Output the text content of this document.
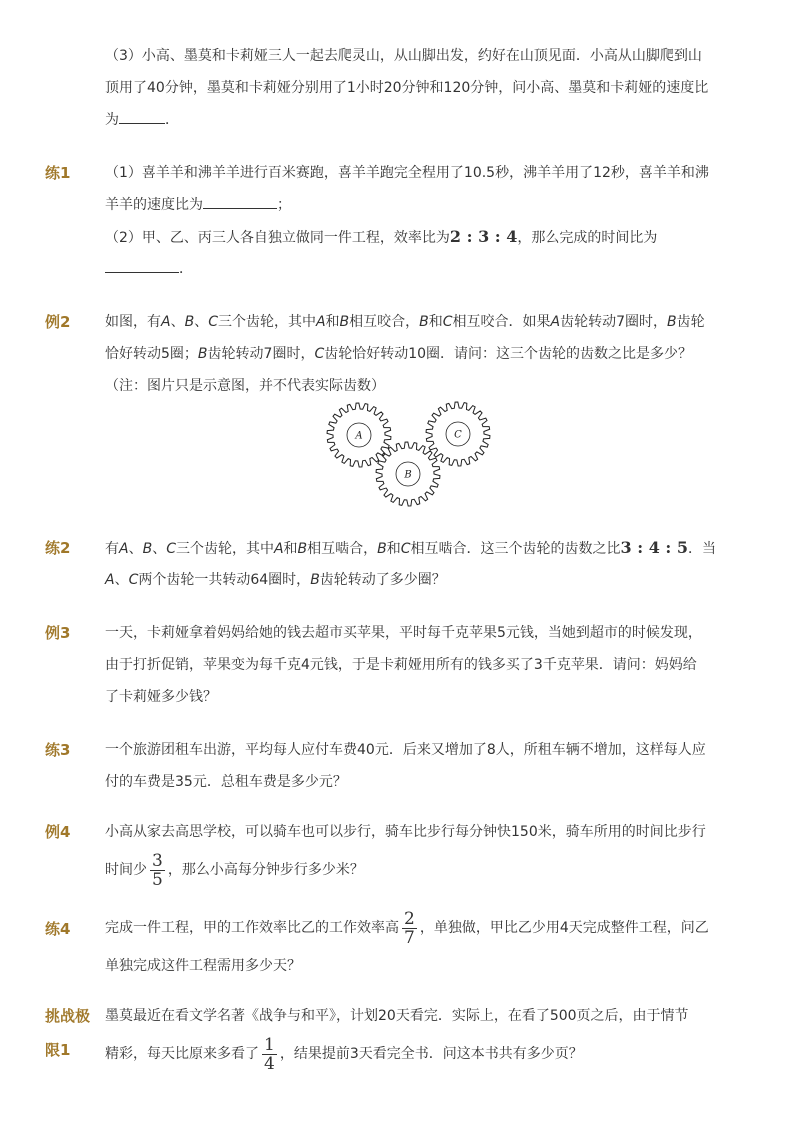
（3）小高、墨莫和卡莉娅三人一起去爬灵山，从山脚出发，约好在山顶见面．小高从山脚爬到山
顶用了40分钟，墨莫和卡莉娅分别用了1小时20分钟和120分钟，问小高、墨莫和卡莉娅的速度比
为	．
练1 （1）喜羊羊和沸羊羊进行百米赛跑，喜羊羊跑完全程用了10.5秒，沸羊羊用了12秒，喜羊羊和沸
羊羊的速度比为	；
（2）甲、乙、丙三人各自独立做同一件工程，效率比为2 : 3 : 4，那么完成的时间比为
．
例2 如图，有A、B、C三个齿轮，其中A和B相互咬合，B和C相互咬合．如果A齿轮转动7圈时，B齿轮
恰好转动5圈；B齿轮转动7圈时，C齿轮恰好转动10圈．请问：这三个齿轮的齿数之比是多少？
（注：图片只是示意图，并不代表实际齿数）
A
B
C
练2 有A、B、C三个齿轮，其中A和B相互啮合，B和C相互啮合．这三个齿轮的齿数之比3 : 4 : 5．当
A、C两个齿轮一共转动64圈时，B齿轮转动了多少圈？
例3 一天，卡莉娅拿着妈妈给她的钱去超市买苹果，平时每千克苹果5元钱，当她到超市的时候发现，
由于打折促销，苹果变为每千克4元钱，于是卡莉娅用所有的钱多买了3千克苹果．请问：妈妈给
了卡莉娅多少钱？
练3 一个旅游团租车出游，平均每人应付车费40元．后来又增加了8人，所租车辆不增加，这样每人应
付的车费是35元．总租车费是多少元？
例4 小高从家去高思学校，可以骑车也可以步行，骑车比步行每分钟快150米，骑车所用的时间比步行
时间少 $\frac{3}{5}$ ，那么小高每分钟步行多少米？
练4 完成一件工程，甲的工作效率比乙的工作效率高 $\frac{2}{7}$ ，单独做，甲比乙少用4天完成整件工程，问乙
单独完成这件工程需用多少天？
挑战极
限1
墨莫最近在看文学名著《战争与和平》，计划20天看完．实际上，在看了500页之后，由于情节
精彩，每天比原来多看了 $\frac{1}{4}$ ，结果提前3天看完全书．问这本书共有多少页？
